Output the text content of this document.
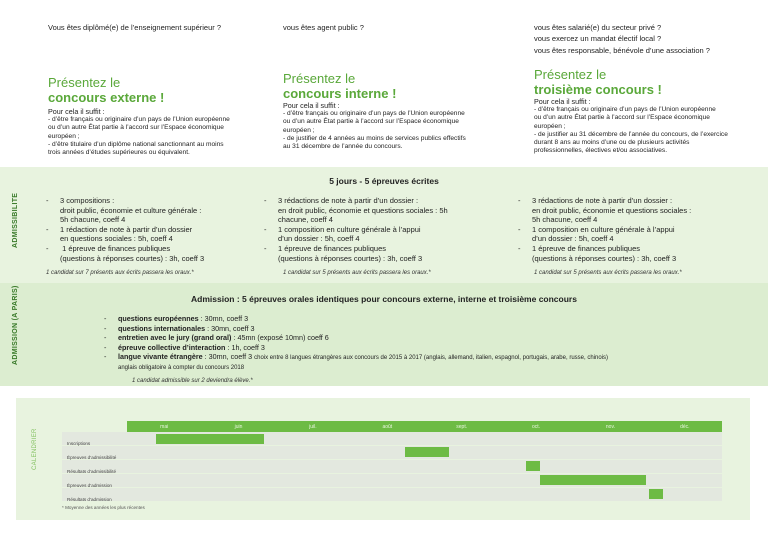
Vous êtes diplômé(e) de l’enseignement supérieur ?	vous êtes agent public ?	vous êtes salarié(e) du secteur privé ?
vous exercez un mandat électif local ?
vous êtes responsable, bénévole d’une association ?
Présentez le
concours externe !
Pour cela il suffit :
- d’être français ou originaire d’un pays de l’Union européenne
ou d’un autre État partie à l’accord sur l’Espace économique
européen ;
- d’être titulaire d’un diplôme national sanctionnant au moins
trois années d’études supérieures ou équivalent.
Présentez le
concours interne !
Pour cela il suffit :
- d’être français ou originaire d’un pays de l’Union européenne
ou d’un autre État partie à l’accord sur l’Espace économique
européen ;
- de justifier de 4 années au moins de services publics effectifs
au 31 décembre de l’année du concours.
Présentez le
troisième concours !
Pour cela il suffit :
- d’être français ou originaire d’un pays de l’Union européenne
ou d’un autre État partie à l’accord sur l’Espace économique
européen ;
- de justifier au 31 décembre de l’année du concours, de l’exercice
durant 8 ans au moins d’une ou de plusieurs activités
professionnelles, électives et/ou associatives.
ADMISSIBILITE
5 jours - 5 épreuves écrites
-	3 compositions :
droit public, économie et culture générale :
5h chacune, coeff 4
-	1 rédaction de note à partir d’un dossier
en questions sociales : 5h, coeff 4
-	1 épreuve de finances publiques
(questions à réponses courtes) : 3h, coeff 3
-	3 rédactions de note à partir d’un dossier :
en droit public, économie et questions sociales : 5h
chacune, coeff 4
-	1 composition en culture générale à l’appui
d’un dossier : 5h, coeff 4
-	1 épreuve de finances publiques
(questions à réponses courtes) : 3h, coeff 3
-	3 rédactions de note à partir d’un dossier :
en droit public, économie et questions sociales :
5h chacune, coeff 4
-	1 composition en culture générale à l’appui
d’un dossier : 5h, coeff 4
-	1 épreuve de finances publiques
(questions à réponses courtes) : 3h, coeff 3
1 candidat sur 7 présents aux écrits passera les oraux.*	1 candidat sur 5 présents aux écrits passera les oraux.*	1 candidat sur 5 présents aux écrits passera les oraux.*
ADMISSION (A PARIS)	Admission : 5 épreuves orales identiques pour concours externe, interne et troisième concours
-	questions européennes : 30mn, coeff 3
-	questions internationales : 30mn, coeff 3
-	entretien avec le jury (grand oral) : 45mn (exposé 10mn) coeff 6
-	épreuve collective d’interaction : 1h, coeff 3
-	langue vivante étrangère : 30mn, coeff 3 choix entre 8 langues étrangères aux concours de 2015 à 2017 (anglais, allemand, italien, espagnol, portugais, arabe, russe, chinois)
anglais obligatoire à compter du concours 2018
1 candidat admissible sur 2 deviendra élève.*
CALENDRIER
mai	juin	juil.	août	sept.	oct.	nov.	déc.
Inscriptions
Épreuves d’admissibilité
Résultats d’admissibilité
Épreuves d’admission
Résultats d’admission
* Moyenne des années les plus récentes
